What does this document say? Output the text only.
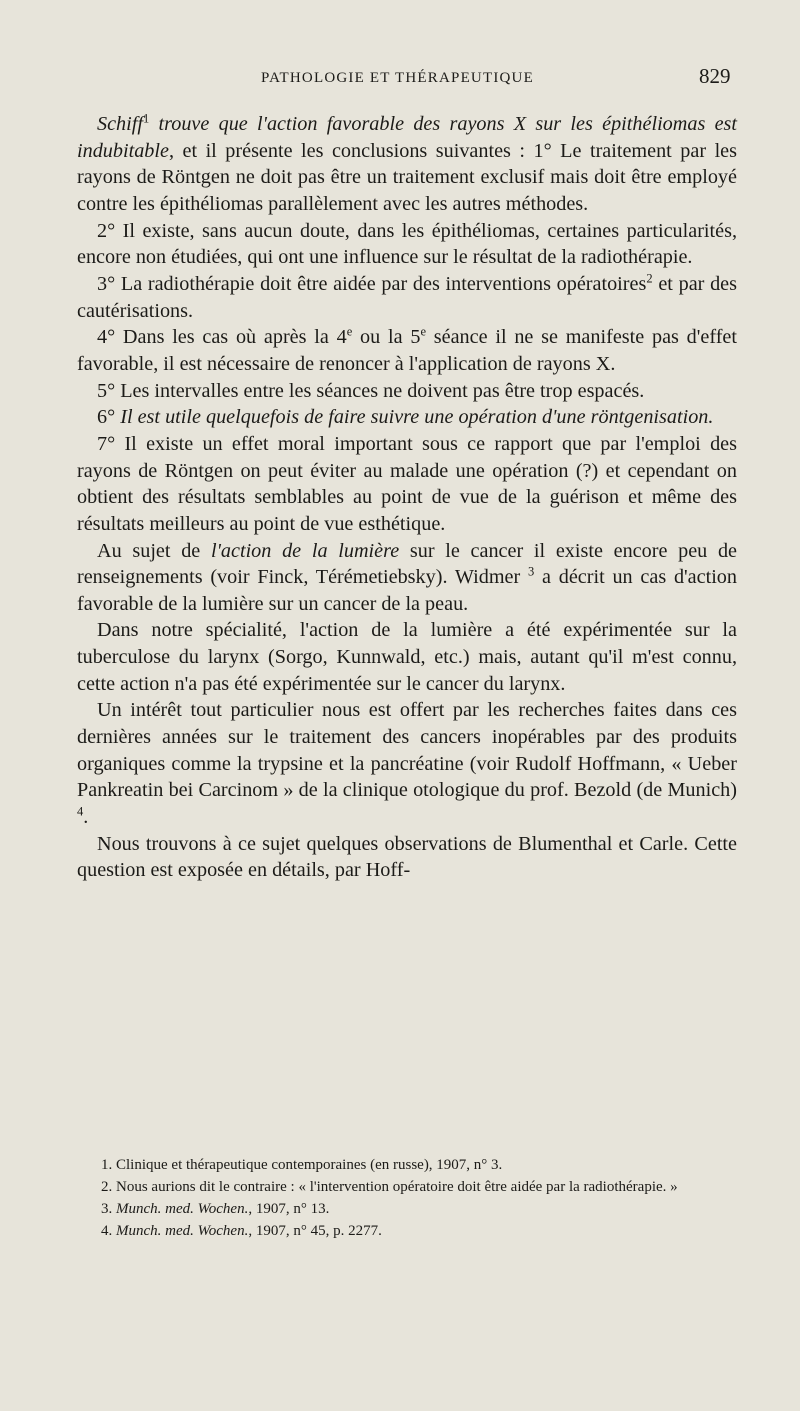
PATHOLOGIE ET THÉRAPEUTIQUE	829

Schiff$^1$ trouve que l'action favorable des rayons X sur les épithéliomas est indubitable, et il présente les conclusions suivantes : 1° Le traitement par les rayons de Röntgen ne doit pas être un traitement exclusif mais doit être employé contre les épithéliomas parallèlement avec les autres méthodes.

2° Il existe, sans aucun doute, dans les épithéliomas, certaines particularités, encore non étudiées, qui ont une influence sur le résultat de la radiothérapie.

3° La radiothérapie doit être aidée par des interventions opératoires$^2$ et par des cautérisations.

4° Dans les cas où après la 4e ou la 5e séance il ne se manifeste pas d'effet favorable, il est nécessaire de renoncer à l'application de rayons X.

5° Les intervalles entre les séances ne doivent pas être trop espacés.

6° Il est utile quelquefois de faire suivre une opération d'une röntgenisation.

7° Il existe un effet moral important sous ce rapport que par l'emploi des rayons de Röntgen on peut éviter au malade une opération (?) et cependant on obtient des résultats semblables au point de vue de la guérison et même des résultats meilleurs au point de vue esthétique.

Au sujet de l'action de la lumière sur le cancer il existe encore peu de renseignements (voir Finck, Térémetiebsky). Widmer $^3$ a décrit un cas d'action favorable de la lumière sur un cancer de la peau.

Dans notre spécialité, l'action de la lumière a été expérimentée sur la tuberculose du larynx (Sorgo, Kunnwald, etc.) mais, autant qu'il m'est connu, cette action n'a pas été expérimentée sur le cancer du larynx.

Un intérêt tout particulier nous est offert par les recherches faites dans ces dernières années sur le traitement des cancers inopérables par des produits organiques comme la trypsine et la pancréatine (voir Rudolf Hoffmann, « Ueber Pankreatin bei Carcinom » de la clinique otologique du prof. Bezold (de Munich) $^4$.

Nous trouvons à ce sujet quelques observations de Blumenthal et Carle. Cette question est exposée en détails, par Hoff-

1. Clinique et thérapeutique contemporaines (en russe), 1907, n° 3.

2. Nous aurions dit le contraire : « l'intervention opératoire doit être aidée par la radiothérapie. »

3. Munch. med. Wochen., 1907, n° 13.

4. Munch. med. Wochen., 1907, n° 45, p. 2277.
